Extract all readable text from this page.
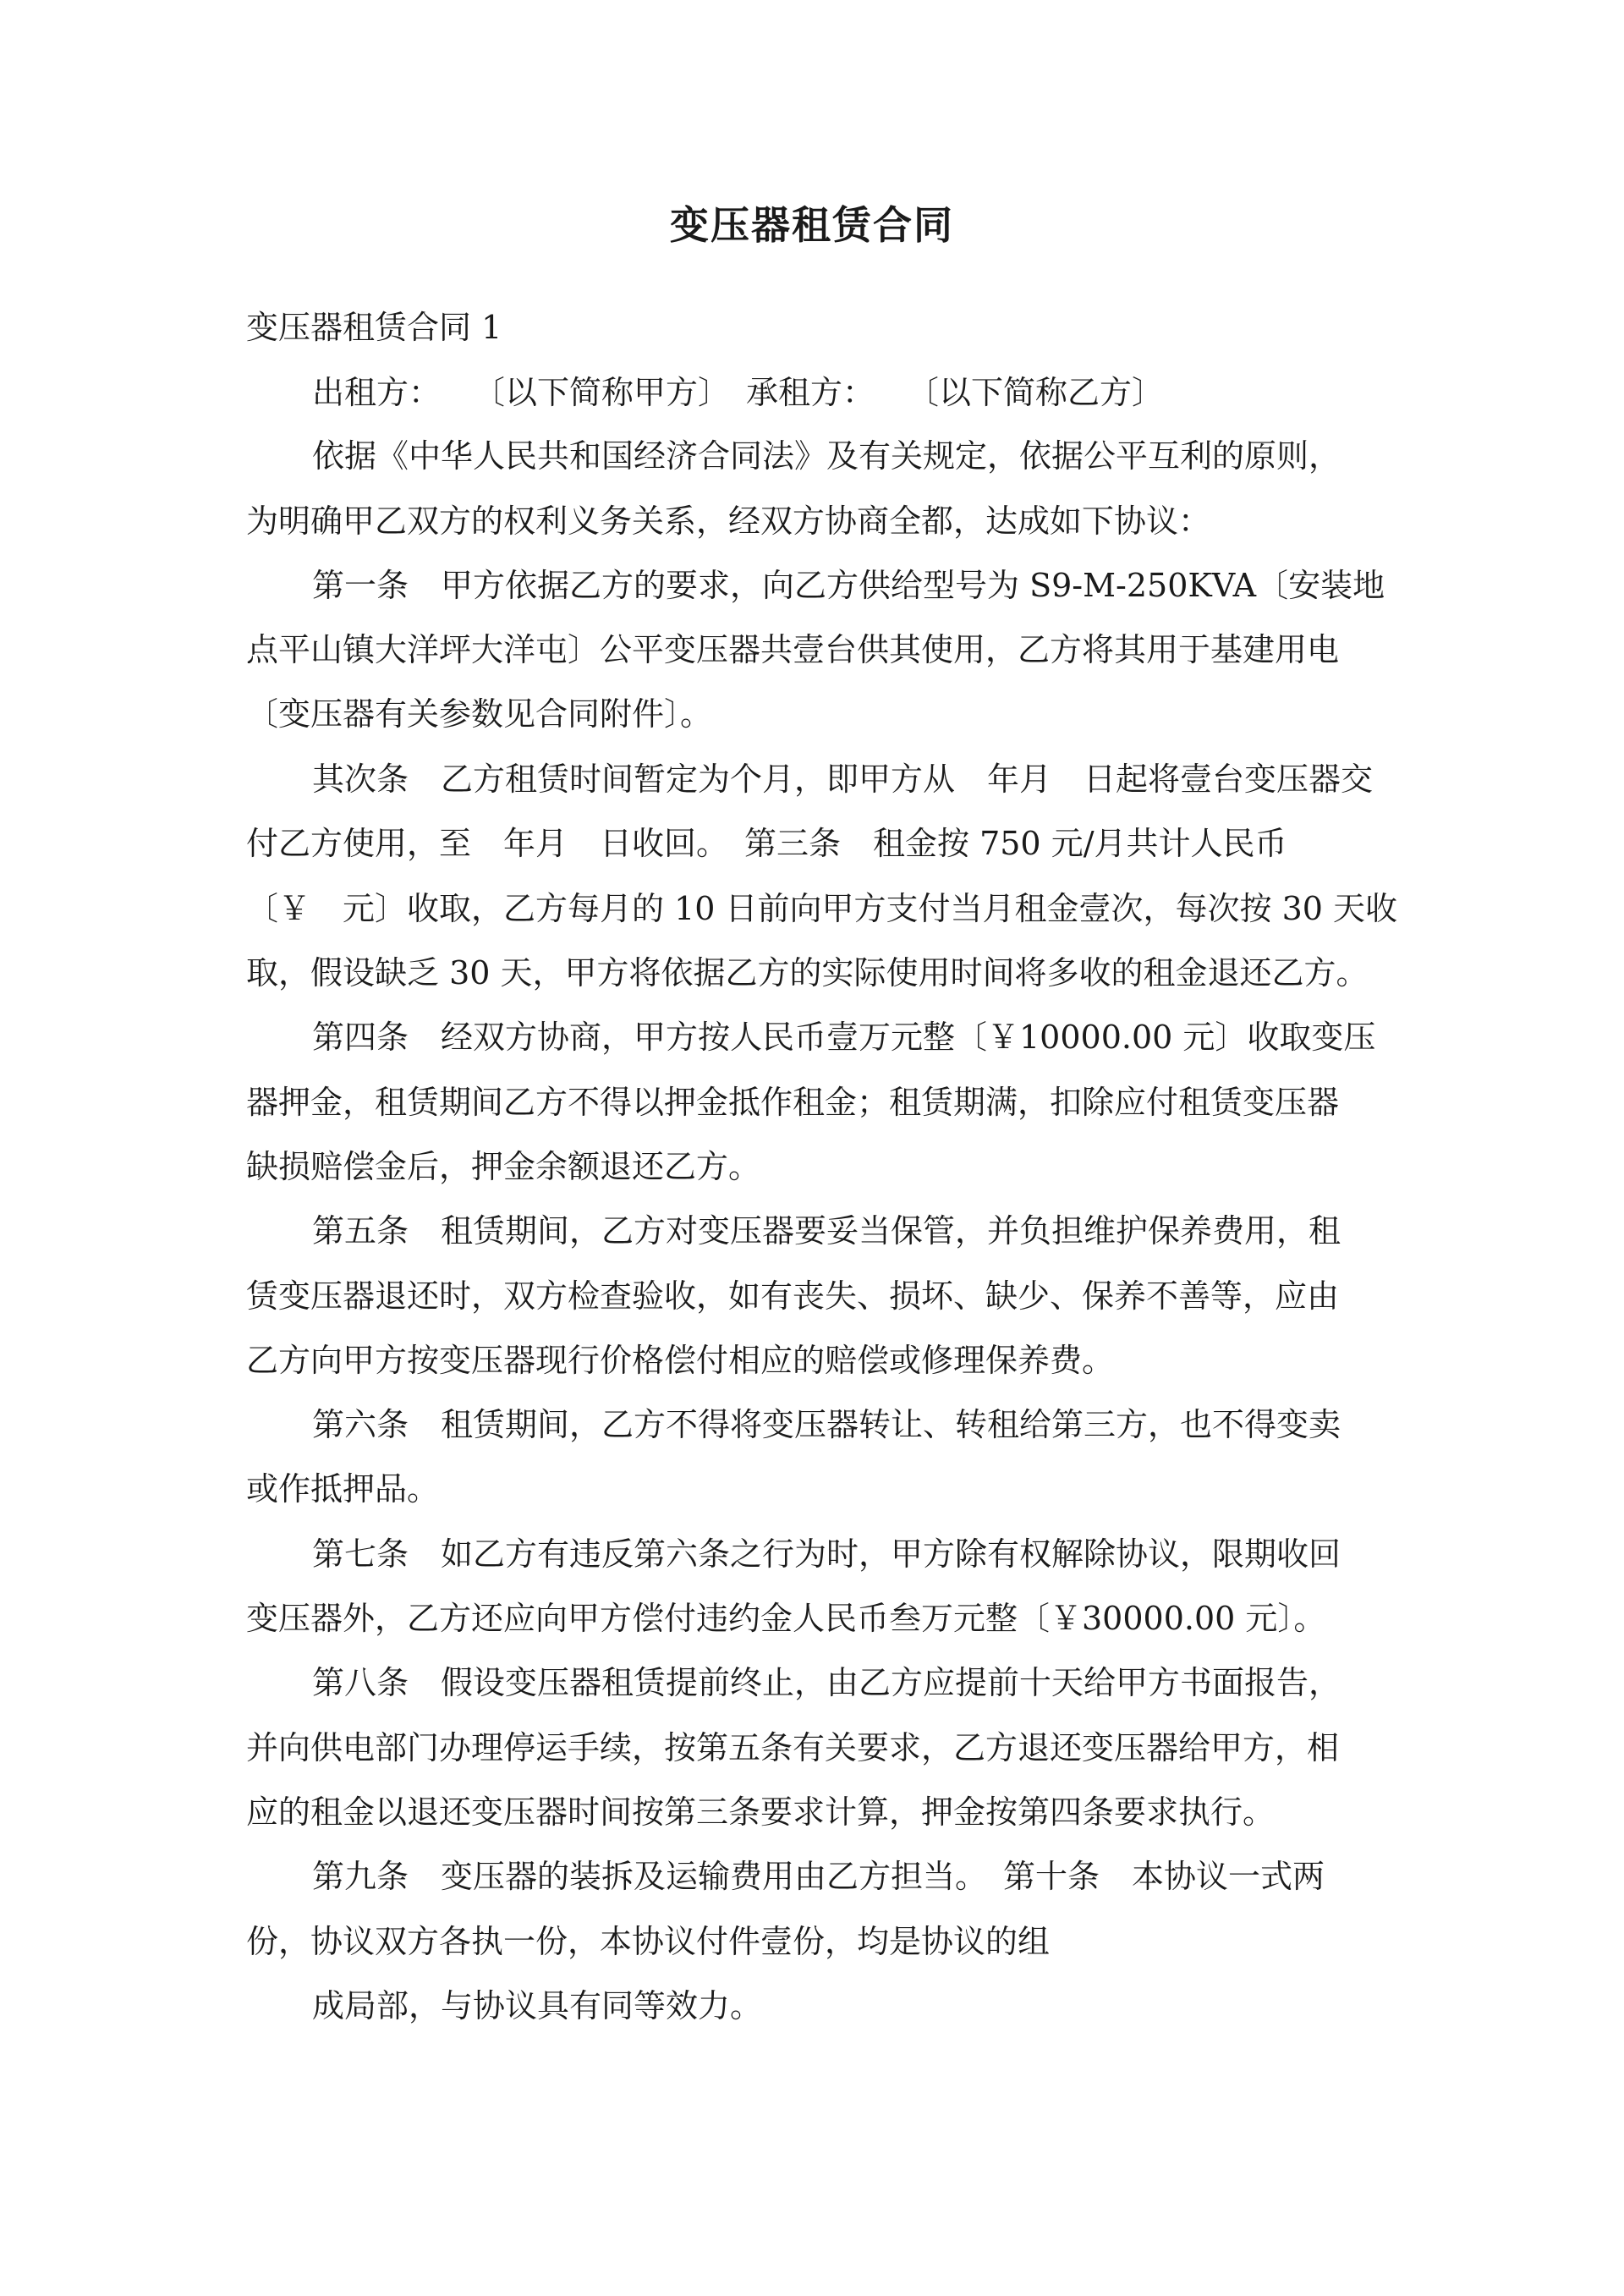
变压器租赁合同
变压器租赁合同 1
出租方：　　〔以下简称甲方〕　承租方：　　〔以下简称乙方〕
依据《中华人民共和国经济合同法》及有关规定，依据公平互利的原则，
为明确甲乙双方的权利义务关系，经双方协商全都，达成如下协议：
第一条　甲方依据乙方的要求，向乙方供给型号为 S9-M-250KVA〔安装地
点平山镇大洋坪大洋屯〕公平变压器共壹台供其使用，乙方将其用于基建用电
〔变压器有关参数见合同附件〕。
其次条　乙方租赁时间暂定为个月，即甲方从　年月　日起将壹台变压器交
付乙方使用，至　年月　日收回。　第三条　租金按 750 元/月共计人民币
〔￥　元〕收取，乙方每月的 10 日前向甲方支付当月租金壹次，每次按 30 天收
取，假设缺乏 30 天，甲方将依据乙方的实际使用时间将多收的租金退还乙方。
第四条　经双方协商，甲方按人民币壹万元整〔￥10000.00 元〕收取变压
器押金，租赁期间乙方不得以押金抵作租金；租赁期满，扣除应付租赁变压器
缺损赔偿金后，押金余额退还乙方。
第五条　租赁期间，乙方对变压器要妥当保管，并负担维护保养费用，租
赁变压器退还时，双方检查验收，如有丧失、损坏、缺少、保养不善等，应由
乙方向甲方按变压器现行价格偿付相应的赔偿或修理保养费。
第六条　租赁期间，乙方不得将变压器转让、转租给第三方，也不得变卖
或作抵押品。
第七条　如乙方有违反第六条之行为时，甲方除有权解除协议，限期收回
变压器外，乙方还应向甲方偿付违约金人民币叁万元整〔￥30000.00 元〕。
第八条　假设变压器租赁提前终止，由乙方应提前十天给甲方书面报告，
并向供电部门办理停运手续，按第五条有关要求，乙方退还变压器给甲方，相
应的租金以退还变压器时间按第三条要求计算，押金按第四条要求执行。
第九条　变压器的装拆及运输费用由乙方担当。　第十条　本协议一式两
份，协议双方各执一份，本协议付件壹份，均是协议的组
成局部，与协议具有同等效力。
